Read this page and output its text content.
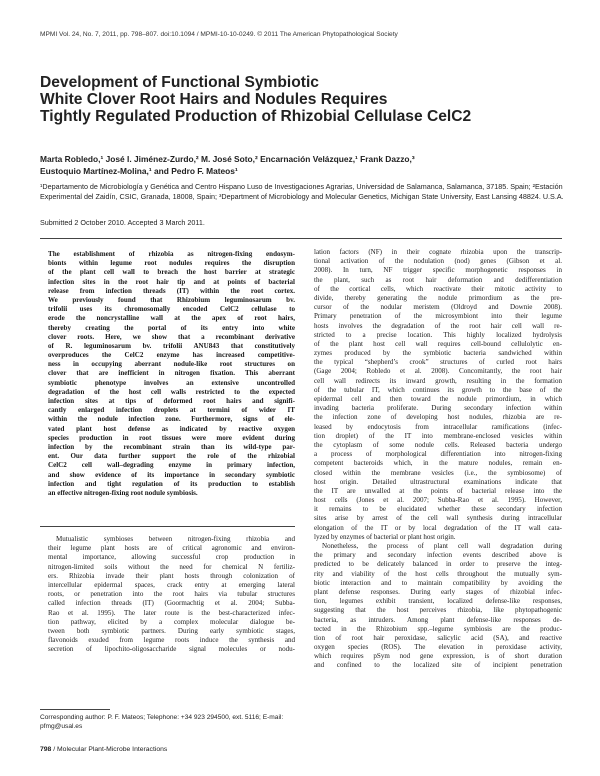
MPMI Vol. 24, No. 7, 2011, pp. 798–807. doi:10.1094 / MPMI-10-10-0249. © 2011 The American Phytopathological Society
Development of Functional Symbiotic
White Clover Root Hairs and Nodules Requires
Tightly Regulated Production of Rhizobial Cellulase CelC2
Marta Robledo,¹ José I. Jiménez-Zurdo,² M. José Soto,² Encarnación Velázquez,¹ Frank Dazzo,³
Eustoquio Martínez-Molina,¹ and Pedro F. Mateos¹
¹Departamento de Microbiología y Genética and Centro Hispano Luso de Investigaciones Agrarias, Universidad de Salamanca, Salamanca, 37185. Spain; ²Estación Experimental del Zaidín, CSIC, Granada, 18008, Spain; ³Department of Microbiology and Molecular Genetics, Michigan State University, East Lansing 48824. U.S.A.
Submitted 2 October 2010. Accepted 3 March 2011.
The establishment of rhizobia as nitrogen-fixing endosym-
bionts within legume root nodules requires the disruption
of the plant cell wall to breach the host barrier at strategic
infection sites in the root hair tip and at points of bacterial
release from infection threads (IT) within the root cortex.
We previously found that Rhizobium leguminosarum bv.
trifolii uses its chromosomally encoded CelC2 cellulase to
erode the noncrystalline wall at the apex of root hairs,
thereby creating the portal of its entry into white
clover roots. Here, we show that a recombinant derivative
of R. leguminosarum bv. trifolii ANU843 that constitutively
overproduces the CelC2 enzyme has increased competitive-
ness in occupying aberrant nodule-like root structures on
clover that are inefficient in nitrogen fixation. This aberrant
symbiotic phenotype involves an extensive uncontrolled
degradation of the host cell walls restricted to the expected
infection sites at tips of deformed root hairs and signifi-
cantly enlarged infection droplets at termini of wider IT
within the nodule infection zone. Furthermore, signs of ele-
vated plant host defense as indicated by reactive oxygen
species production in root tissues were more evident during
infection by the recombinant strain than its wild-type par-
ent. Our data further support the role of the rhizobial
CelC2 cell wall–degrading enzyme in primary infection,
and show evidence of its importance in secondary symbiotic
infection and tight regulation of its production to establish
an effective nitrogen-fixing root nodule symbiosis.
Mutualistic symbioses between nitrogen-fixing rhizobia and
their legume plant hosts are of critical agronomic and environ-
mental importance, allowing successful crop production in
nitrogen-limited soils without the need for chemical N fertiliz-
ers. Rhizobia invade their plant hosts through colonization of
intercellular epidermal spaces, crack entry at emerging lateral
roots, or penetration into the root hairs via tubular structures
called infection threads (IT) (Goormachtig et al. 2004; Subba-
Rao et al. 1995). The later route is the best-characterized infec-
tion pathway, elicited by a complex molecular dialogue be-
tween both symbiotic partners. During early symbiotic stages,
flavonoids exuded from legume roots induce the synthesis and
secretion of lipochito-oligosaccharide signal molecules or nodu-
lation factors (NF) in their cognate rhizobia upon the transcrip-
tional activation of the nodulation (nod) genes (Gibson et al.
2008). In turn, NF trigger specific morphogenetic responses in
the plant, such as root hair deformation and dedifferentiation
of the cortical cells, which reactivate their mitotic activity to
divide, thereby generating the nodule primordium as the pre-
cursor of the nodular meristem (Oldroyd and Downie 2008).
Primary penetration of the microsymbiont into their legume
hosts involves the degradation of the root hair cell wall re-
stricted to a precise location. This highly localized hydrolysis
of the plant host cell wall requires cell-bound cellulolytic en-
zymes produced by the symbiotic bacteria sandwiched within
the typical “shepherd’s crook” structures of curled root hairs
(Gage 2004; Robledo et al. 2008). Concomitantly, the root hair
cell wall redirects its inward growth, resulting in the formation
of the tubular IT, which continues its growth to the base of the
epidermal cell and then toward the nodule primordium, in which
invading bacteria proliferate. During secondary infection within
the infection zone of developing host nodules, rhizobia are re-
leased by endocytosis from intracellular ramifications (infec-
tion droplet) of the IT into membrane-enclosed vesicles within
the cytoplasm of some nodule cells. Released bacteria undergo
a process of morphological differentiation into nitrogen-fixing
competent bacteroids which, in the mature nodules, remain en-
closed within the membrane vesicles (i.e., the symbiosome) of
host origin. Detailed ultrastructural examinations indicate that
the IT are unwalled at the points of bacterial release into the
host cells (Jones et al. 2007; Subba-Rao et al. 1995). However,
it remains to be elucidated whether these secondary infection
sites arise by arrest of the cell wall synthesis during intracellular
elongation of the IT or by local degradation of the IT wall cata-
lyzed by enzymes of bacterial or plant host origin.
Nonetheless, the process of plant cell wall degradation during
the primary and secondary infection events described above is
predicted to be delicately balanced in order to preserve the integ-
rity and viability of the host cells throughout the mutually sym-
biotic interaction and to maintain compatibility by avoiding the
plant defense responses. During early stages of rhizobial infec-
tion, legumes exhibit transient, localized defense-like responses,
suggesting that the host perceives rhizobia, like phytopathogenic
bacteria, as intruders. Among plant defense-like responses de-
tected in the Rhizobium spp.–legume symbiosis are the produc-
tion of root hair peroxidase, salicylic acid (SA), and reactive
oxygen species (ROS). The elevation in peroxidase activity,
which requires pSym nod gene expression, is of short duration
and confined to the localized site of incipient penetration
Corresponding author: P. F. Mateos; Telephone: +34 923 294500, ext. 5116; E-mail: pfmg@usal.es
798 / Molecular Plant-Microbe Interactions
